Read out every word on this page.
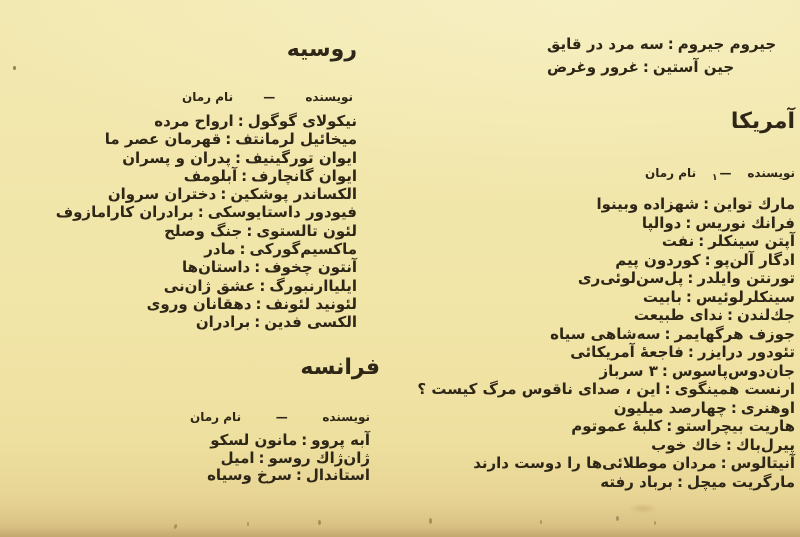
جیروم جیروم:سه مرد در قایق
جین آستین:غرور وغرض
روسیه
نویسنده
—
نام رمان
نیکولای گوگول:ارواح مرده
میخائیل لرمانتف:قهرمان عصر ما
ایوان تورگینیف:پدران و پسران
ایوان گانچارف:آبلومف
الکساندر پوشکین:دختران سروان
فیودور داستایوسکی:برادران کارامازوف
لئون تالستوی:جنگ وصلح
ماکسیم‌گورکی:مادر
آنتون چخوف:داستان‌ها
ایلیاارنبورگ:عشق ژان‌نی
لئونید لئونف:دهقانان وروی
الکسی فدین:برادران
آمریکا
نویسنده
$—_۱$
نام رمان
مارك تواین:شهزاده وبینوا
فرانك نوریس:دوالپا
آپتن سینکلر:نفت
ادگار آلن‌پو:کوردون پیم
تورنتن وایلدر:پل‌سن‌لوئی‌ری
سینکلرلوئیس:بابیت
جك‌لندن:ندای طبیعت
جوزف هرگهایمر:سه‌شاهی سیاه
تئودور درایزر:فاجعۀ آمریکائی
جان‌دوس‌پاسوس:۳ سرباز
ارنست همینگوی:این ، صدای ناقوس مرگ کیست ؟
اوهنری:چهارصد میلیون
هاریت بیچراستو:کلبۀ عموتوم
پیرل‌باك:خاك خوب
آنیتالوس:مردان موطلائی‌ها را دوست دارند
مارگریت میچل:برباد رفته
فرانسه
نویسنده
—
نام رمان
آبه پروو:مانون لسکو
ژان‌ژاك روسو:امیل
استاندال:سرخ وسیاه
